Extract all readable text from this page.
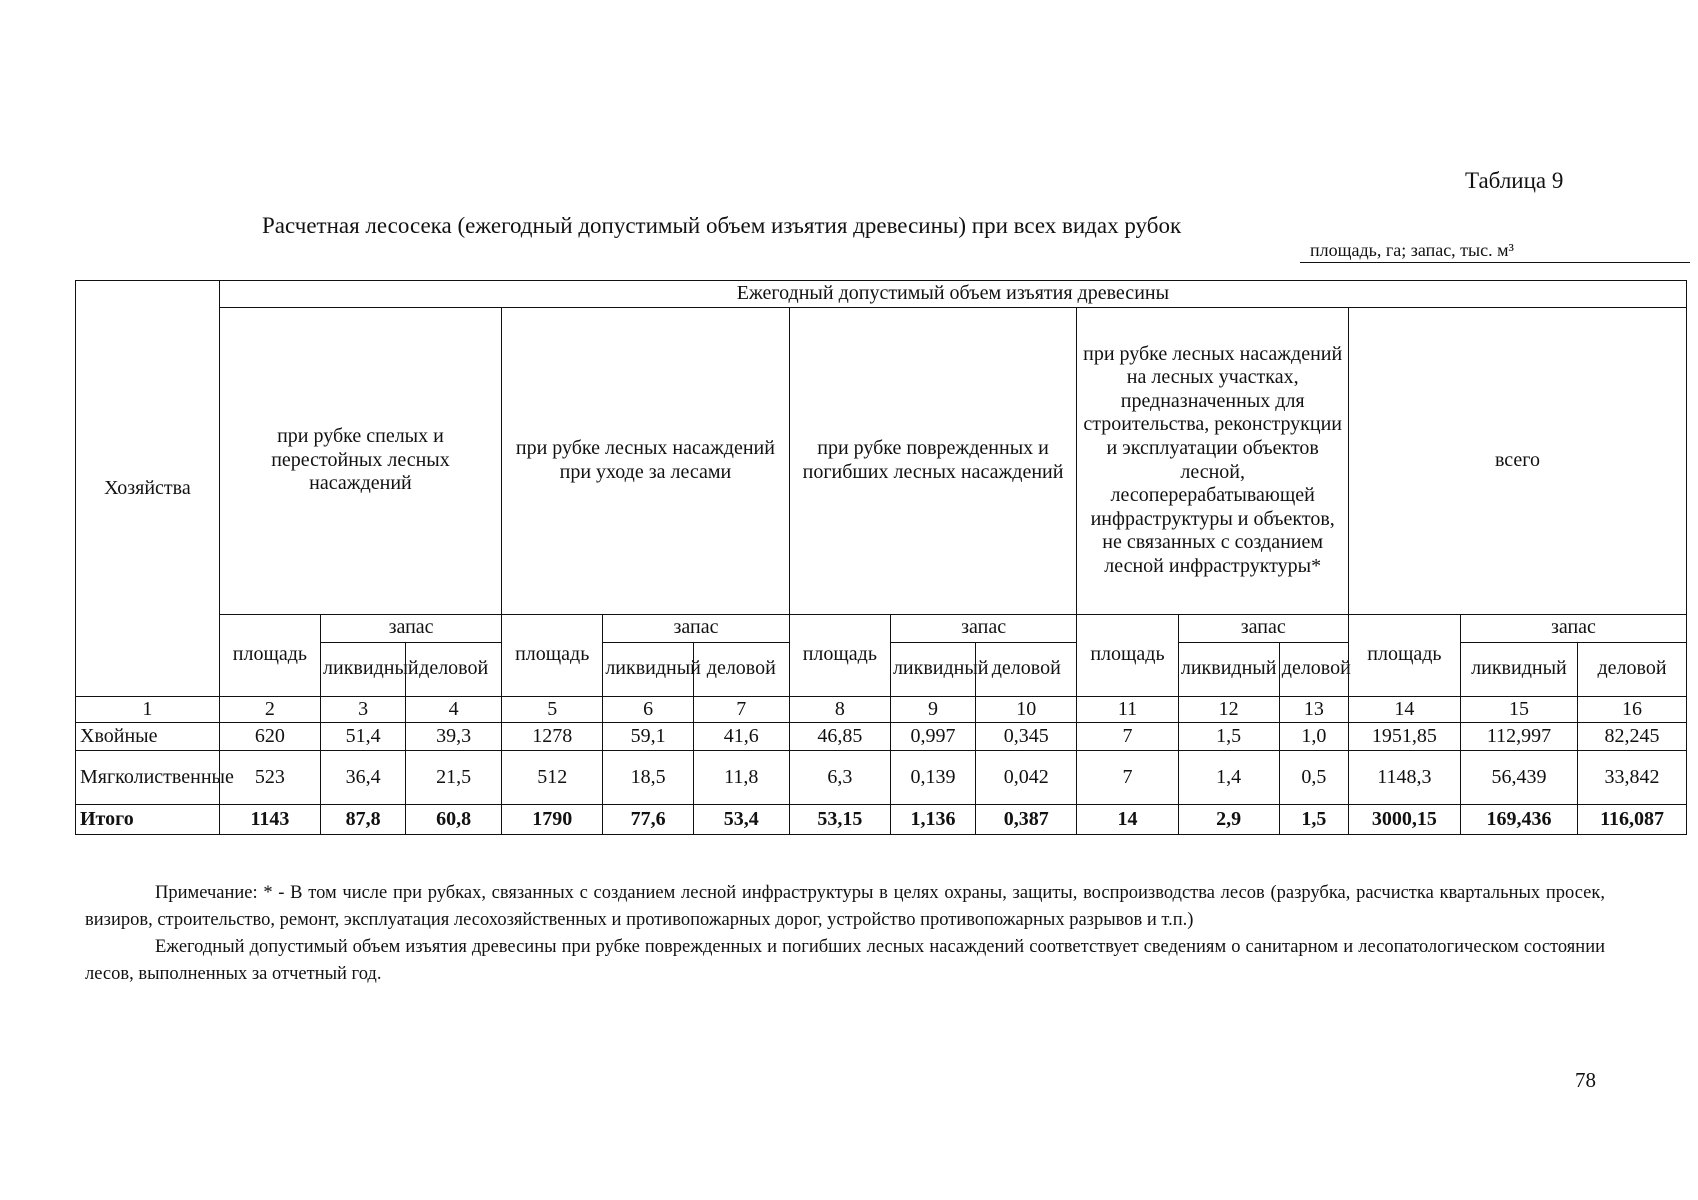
Таблица 9
Расчетная лесосека (ежегодный допустимый объем изъятия древесины) при всех видах рубок
площадь, га; запас, тыс. м³
Хозяйства	Ежегодный допустимый объем изъятия древесины														
	при рубке спелых и перестойных лесных насаждений			при рубке лесных насаждений при уходе за лесами			при рубке поврежденных и погибших лесных насаждений			при рубке лесных насаждений на лесных участках, предназначенных для строительства, реконструкции и эксплуатации объектов лесной, лесоперерабатывающей инфраструктуры и объектов, не связанных с созданием лесной инфраструктуры*			всего		
	площадь	запас		площадь	запас		площадь	запас		площадь	запас		площадь	запас	
		ликвидный	деловой		ликвидный	деловой		ликвидный	деловой		ликвидный	деловой		ликвидный	деловой
1	2	3	4	5	6	7	8	9	10	11	12	13	14	15	16
Хвойные	620	51,4	39,3	1278	59,1	41,6	46,85	0,997	0,345	7	1,5	1,0	1951,85	112,997	82,245
Мягколиственные	523	36,4	21,5	512	18,5	11,8	6,3	0,139	0,042	7	1,4	0,5	1148,3	56,439	33,842
Итого	1143	87,8	60,8	1790	77,6	53,4	53,15	1,136	0,387	14	2,9	1,5	3000,15	169,436	116,087

Примечание: * - В том числе при рубках, связанных с созданием лесной инфраструктуры в целях охраны, защиты, воспроизводства лесов (разрубка, расчистка квартальных просек, визиров, строительство, ремонт, эксплуатация лесохозяйственных и противопожарных дорог, устройство противопожарных разрывов и т.п.)

Ежегодный допустимый объем изъятия древесины при рубке поврежденных и погибших лесных насаждений соответствует сведениям о санитарном и лесопатологическом состоянии лесов, выполненных за отчетный год.

78
